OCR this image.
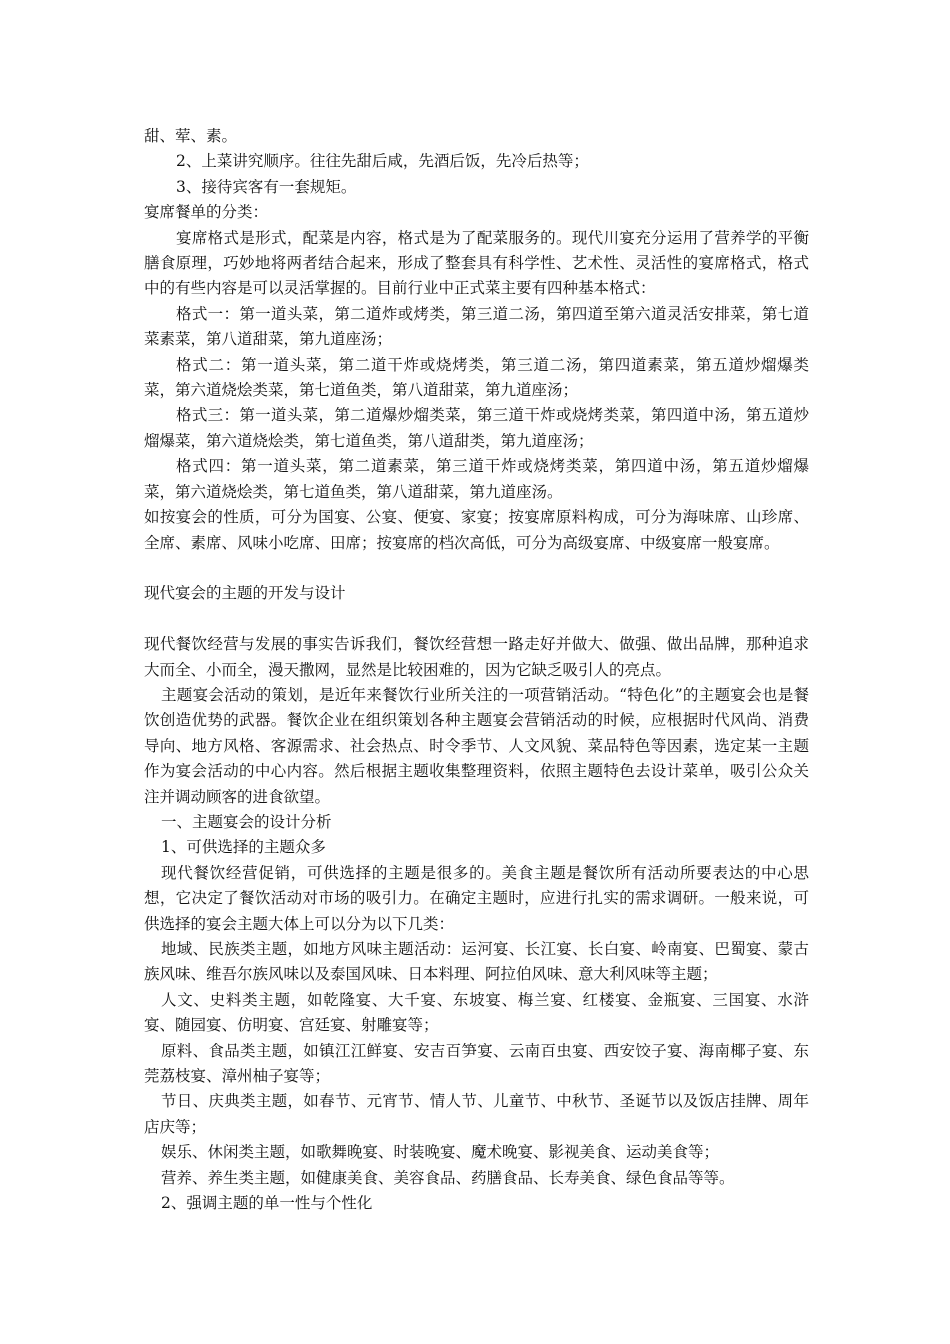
甜、荤、素。

2、上菜讲究顺序。往往先甜后咸，先酒后饭，先冷后热等；

3、接待宾客有一套规矩。

宴席餐单的分类：

宴席格式是形式，配菜是内容，格式是为了配菜服务的。现代川宴充分运用了营养学的平衡膳食原理，巧妙地将两者结合起来，形成了整套具有科学性、艺术性、灵活性的宴席格式，格式中的有些内容是可以灵活掌握的。目前行业中正式菜主要有四种基本格式：

格式一：第一道头菜，第二道炸或烤类，第三道二汤，第四道至第六道灵活安排菜，第七道菜素菜，第八道甜菜，第九道座汤；

格式二：第一道头菜，第二道干炸或烧烤类，第三道二汤，第四道素菜，第五道炒熘爆类菜，第六道烧烩类菜，第七道鱼类，第八道甜菜，第九道座汤；

格式三：第一道头菜，第二道爆炒熘类菜，第三道干炸或烧烤类菜，第四道中汤，第五道炒熘爆菜，第六道烧烩类，第七道鱼类，第八道甜类，第九道座汤；

格式四：第一道头菜，第二道素菜，第三道干炸或烧烤类菜，第四道中汤，第五道炒熘爆菜，第六道烧烩类，第七道鱼类，第八道甜菜，第九道座汤。

如按宴会的性质，可分为国宴、公宴、便宴、家宴；按宴席原料构成，可分为海味席、山珍席、全席、素席、风味小吃席、田席；按宴席的档次高低，可分为高级宴席、中级宴席一般宴席。

现代宴会的主题的开发与设计

现代餐饮经营与发展的事实告诉我们，餐饮经营想一路走好并做大、做强、做出品牌，那种追求大而全、小而全，漫天撒网，显然是比较困难的，因为它缺乏吸引人的亮点。

主题宴会活动的策划，是近年来餐饮行业所关注的一项营销活动。“特色化”的主题宴会也是餐饮创造优势的武器。餐饮企业在组织策划各种主题宴会营销活动的时候，应根据时代风尚、消费导向、地方风格、客源需求、社会热点、时令季节、人文风貌、菜品特色等因素，选定某一主题作为宴会活动的中心内容。然后根据主题收集整理资料，依照主题特色去设计菜单，吸引公众关注并调动顾客的进食欲望。

一、主题宴会的设计分析

1、可供选择的主题众多

现代餐饮经营促销，可供选择的主题是很多的。美食主题是餐饮所有活动所要表达的中心思想，它决定了餐饮活动对市场的吸引力。在确定主题时，应进行扎实的需求调研。一般来说，可供选择的宴会主题大体上可以分为以下几类：

地域、民族类主题，如地方风味主题活动：运河宴、长江宴、长白宴、岭南宴、巴蜀宴、蒙古族风味、维吾尔族风味以及泰国风味、日本料理、阿拉伯风味、意大利风味等主题；

人文、史料类主题，如乾隆宴、大千宴、东坡宴、梅兰宴、红楼宴、金瓶宴、三国宴、水浒宴、随园宴、仿明宴、宫廷宴、射雕宴等；

原料、食品类主题，如镇江江鲜宴、安吉百笋宴、云南百虫宴、西安饺子宴、海南椰子宴、东莞荔枝宴、漳州柚子宴等；

节日、庆典类主题，如春节、元宵节、情人节、儿童节、中秋节、圣诞节以及饭店挂牌、周年店庆等；

娱乐、休闲类主题，如歌舞晚宴、时装晚宴、魔术晚宴、影视美食、运动美食等；

营养、养生类主题，如健康美食、美容食品、药膳食品、长寿美食、绿色食品等等。

2、强调主题的单一性与个性化
